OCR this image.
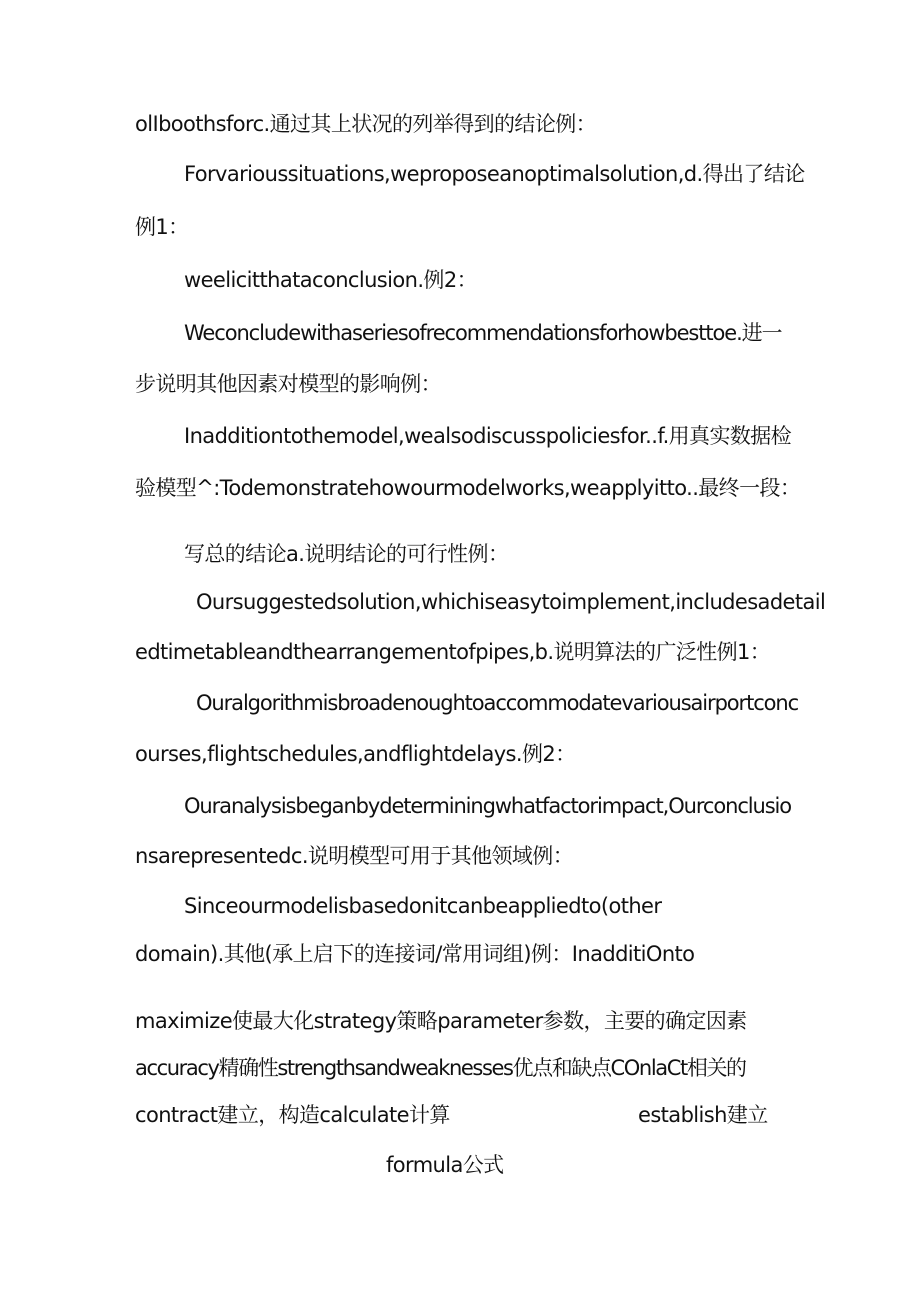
olIboothsforc.通过其上状况的列举得到的结论例：
Forvarioussituations,weproposeanoptimalsolution,d.得出了结论
例1：
weelicitthataconclusion.例2：
Weconcludewithaseriesofrecommendationsforhowbesttoe.进一
步说明其他因素对模型的影响例：
Inadditiontothemodel,wealsodiscusspoliciesfor..f.用真实数据检
验模型^:Todemonstratehowourmodelworks,weapplyitto..最终一段：
写总的结论a.说明结论的可行性例：
Oursuggestedsolution,whichiseasytoimplement,includesadetail
edtimetableandthearrangementofpipes,b.说明算法的广泛性例1：
Ouralgorithmisbroadenoughtoaccommodatevariousairportconc
ourses,flightschedules,andflightdelays.例2：
Ouranalysisbeganbydeterminingwhatfactorimpact,Ourconclusio
nsarepresentedc.说明模型可用于其他领域例：
Sinceourmodelisbasedonitcanbeappliedto(other
domain).其他(承上启下的连接词/常用词组)例：InadditiOnto
maximize使最大化strategy策略parameter参数，主要的确定因素
accuracy精确性strengthsandweaknesses优点和缺点COnlaCt相关的
contract建立，构造calculate计算	establish建立
formula公式
